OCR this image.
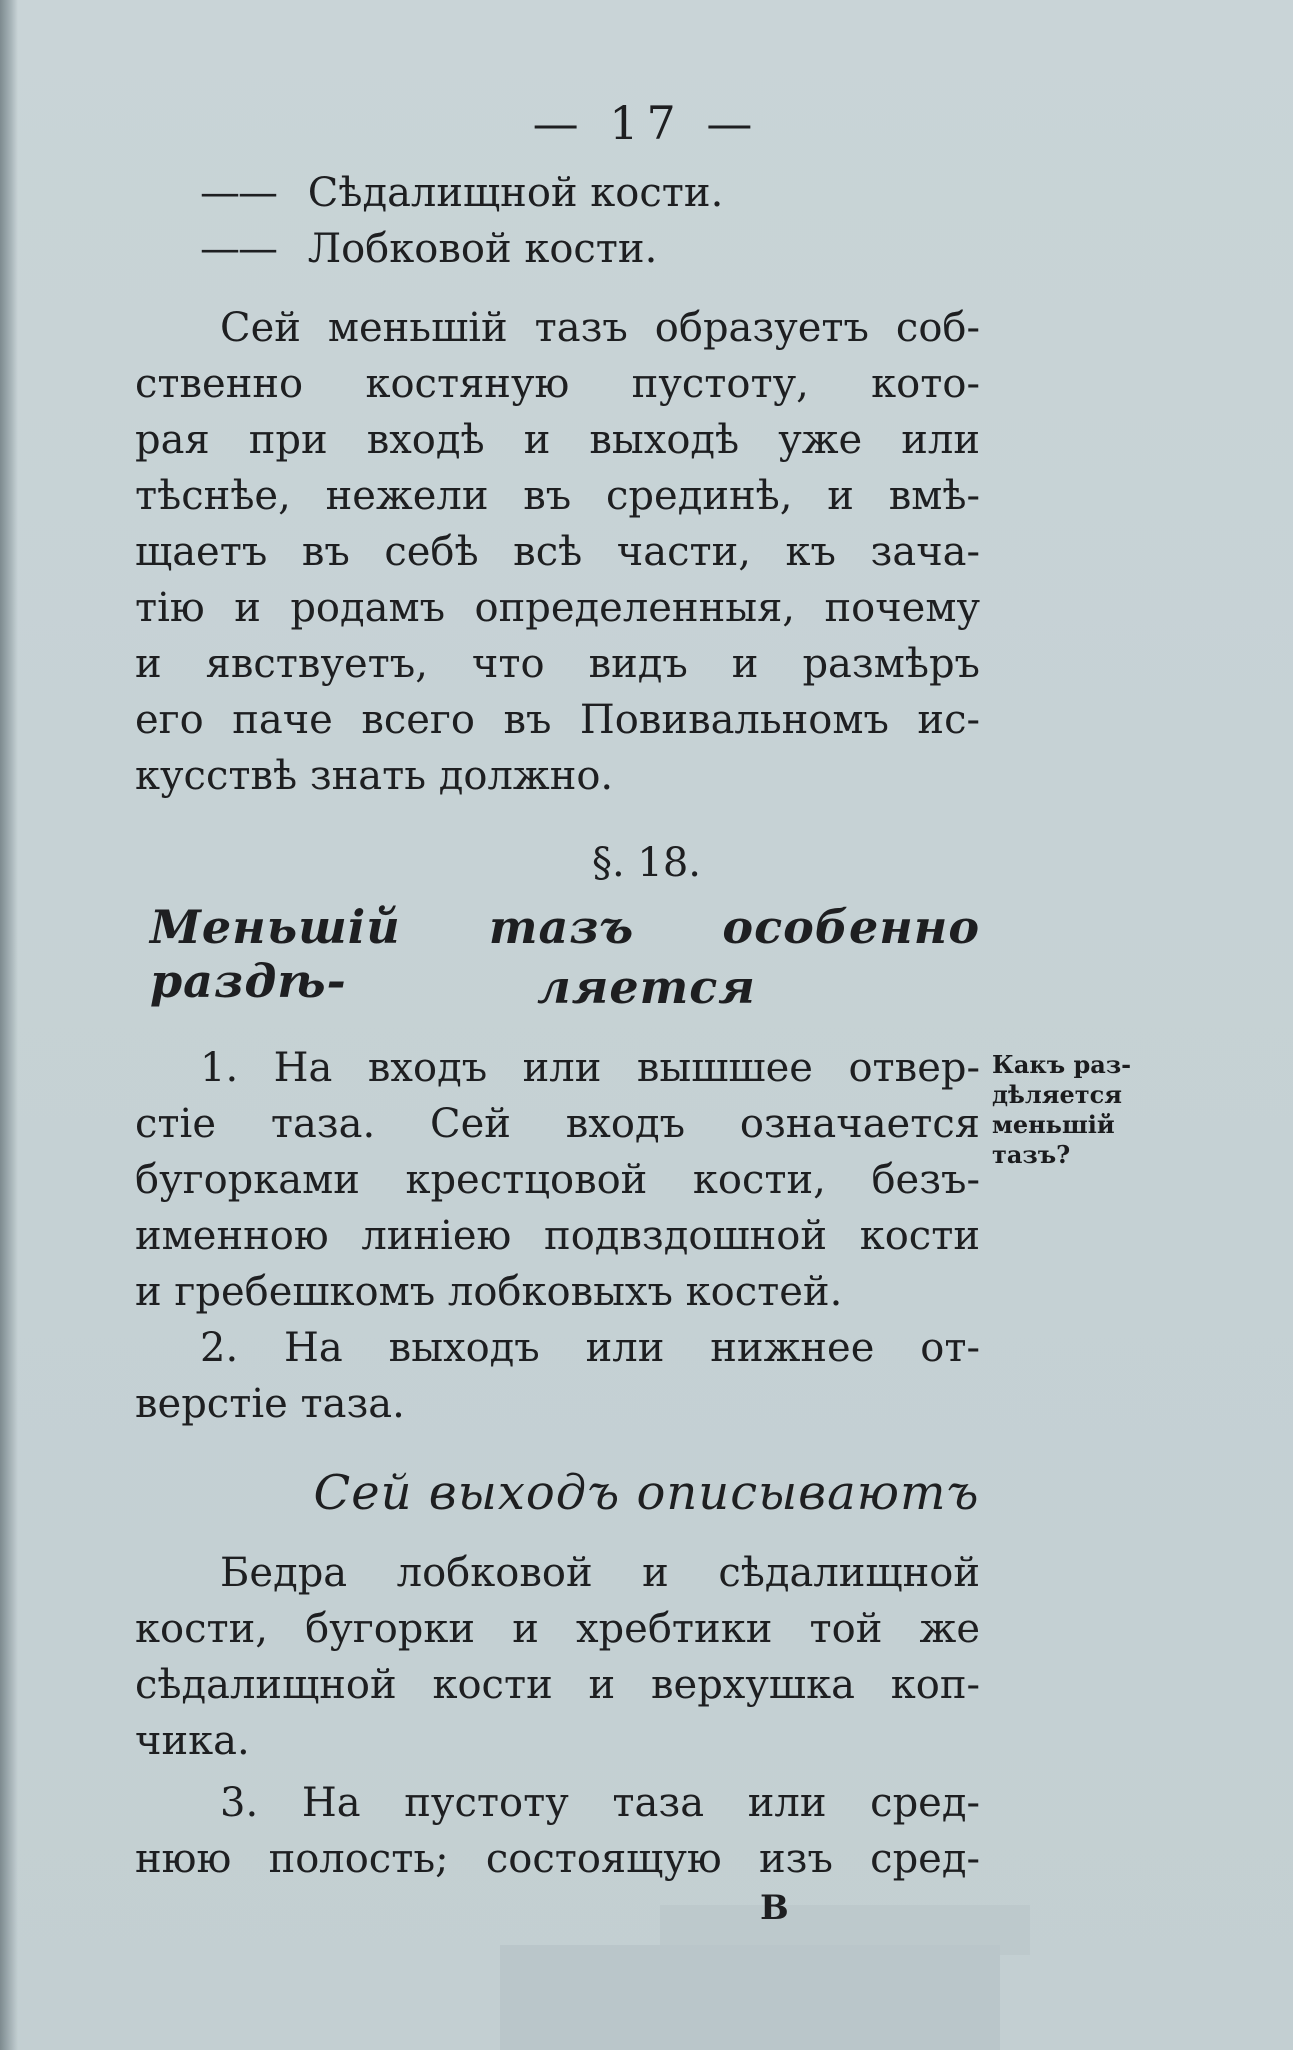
— 17 —
—— Сѣдалищной кости.
—— Лобковой кости.
Сей меньшій тазъ образуетъ соб-
ственно костяную пустоту, кото-
рая при входѣ и выходѣ уже или
тѣснѣе, нежели въ срединѣ, и вмѣ-
щаетъ въ себѣ всѣ части, къ зача-
тію и родамъ определенныя, почему
и явствуетъ, что видъ и размѣръ
его паче всего въ Повивальномъ ис-
кусствѣ знать должно.
§. 18.
Меньшій тазъ особенно раздѣ-	ляется
1. На входъ или вышшее отвер-
стіе таза. Сей входъ означается
бугорками крестцовой кости, безъ-
именною линіею подвздошной кости
и гребешкомъ лобковыхъ костей.
Какъ раз-
дѣляется
меньшій
тазъ?
2. На выходъ или нижнее от-
верстіе таза.
Сей выходъ описываютъ
Бедра лобковой и сѣдалищной
кости, бугорки и хребтики той же
сѣдалищной кости и верхушка коп-
чика.
3. На пустоту таза или сред-
нюю полость; состоящую изъ сред-
В
